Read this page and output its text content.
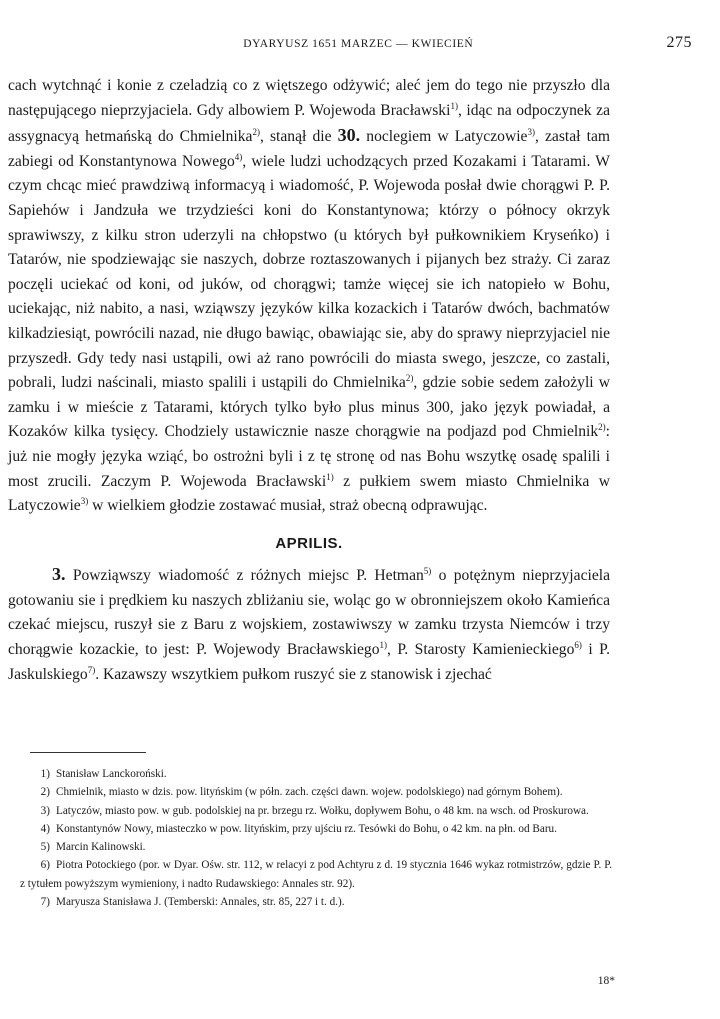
DYARYUSZ 1651 MARZEC — KWIECIEŃ	275

cach wytchnąć i konie z czeladzią co z więtszego odżywić; aleć jem do tego nie przyszło dla następującego nieprzyjaciela. Gdy albowiem P. Wojewoda Bracławski$^{1)}$, idąc na odpoczynek za assygnacyą hetmańską do Chmielnika$^{2)}$, stanął die 30. noclegiem w Latyczowie$^{3)}$, zastał tam zabiegi od Konstantynowa Nowego$^{4)}$, wiele ludzi uchodzących przed Kozakami i Tatarami. W czym chcąc mieć prawdziwą informacyą i wiadomość, P. Wojewoda posłał dwie chorągwi P. P. Sapiehów i Jandzuła we trzydzieści koni do Konstantynowa; którzy o północy okrzyk sprawiwszy, z kilku stron uderzyli na chłopstwo (u których był pułkownikiem Kryseńko) i Tatarów, nie spodziewając sie naszych, dobrze roztaszowanych i pijanych bez straży. Ci zaraz poczęli uciekać od koni, od juków, od chorągwi; tamże więcej sie ich natopiełо w Bohu, uciekając, niż nabito, a nasi, wziąwszy języków kilka kozackich i Tatarów dwóch, bachmatów kilkadziesiąt, powrócili nazad, nie długo bawiąc, obawiając sie, aby do sprawy nieprzyjaciel nie przyszedł. Gdy tedy nasi ustąpili, owi aż rano powrócili do miasta swego, jeszcze, co zastali, pobrali, ludzi naścinali, miasto spalili i ustąpili do Chmielnika$^{2)}$, gdzie sobie sedem założyli w zamku i w mieście z Tatarami, których tylko było plus minus 300, jako język powiadał, a Kozaków kilka tysięcy. Chodziely ustawicznie nasze chorągwie na podjazd pod Chmielnik$^{2)}$: już nie mogły języka wziąć, bo ostrożni byli i z tę stronę od nas Bohu wszytkę osadę spalili i most zrucili. Zaczym P. Wojewoda Bracławski$^{1)}$ z pułkiem swem miasto Chmielnika w Latyczowie$^{3)}$ w wielkiem głodzie zostawać musiał, straż obecną odprawując.

APRILIS.

3. Powziąwszy wiadomość z różnych miejsc P. Hetman$^{5)}$ o potężnym nieprzyjaciela gotowaniu sie i prędkiem ku naszych zbliżaniu sie, woląc go w obronniejszem około Kamieńca czekać miejscu, ruszył sie z Baru z wojskiem, zostawiwszy w zamku trzysta Niemców i trzy chorągwie kozackie, to jest: P. Wojewody Bracławskiego$^{1)}$, P. Starosty Kamienieckiego$^{6)}$ i P. Jaskulskiego$^{7)}$. Kazawszy wszytkiem pułkom ruszyć sie z stanowisk i zjechać

1) Stanisław Lanckoroński.

2) Chmielnik, miasto w dzis. pow. lityńskim (w półn. zach. części dawn. wojew. podolskiego) nad górnym Bohem).

3) Latyczów, miasto pow. w gub. podolskiej na pr. brzegu rz. Wołku, dopływem Bohu, o 48 km. na wsch. od Proskurowa.

4) Konstantynów Nowy, miasteczko w pow. lityńskim, przy ujściu rz. Tesówki do Bohu, o 42 km. na płn. od Baru.

5) Marcin Kalinowski.

6) Piotra Potockiego (por. w Dyar. Ośw. str. 112, w relacyi z pod Achtyru z d. 19 stycznia 1646 wykaz rotmistrzów, gdzie P. P. z tytułem powyższym wymieniony, i nadto Rudawskiego: Annales str. 92).

7) Maryusza Stanisława J. (Temberski: Annales, str. 85, 227 i t. d.).

18*
